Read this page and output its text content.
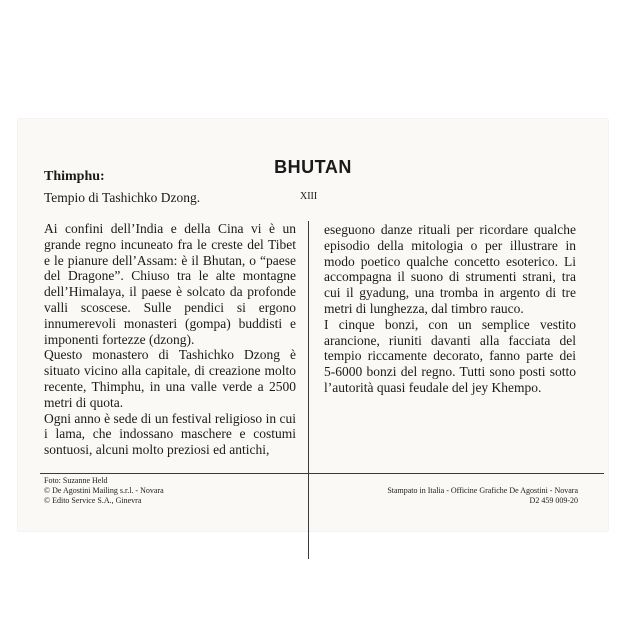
BHUTAN
Thimphu:
Tempio di Tashichko Dzong.	XIII

Ai confini dell’India e della Cina vi è un grande regno incuneato fra le creste del Tibet e le pianure dell’Assam: è il Bhutan, o “paese del Dragone”. Chiuso tra le alte montagne dell’Himalaya, il paese è solcato da profonde valli scoscese. Sulle pendici si ergono innumerevoli monasteri (gompa) buddisti e imponenti fortezze (dzong).

Questo monastero di Tashichko Dzong è situato vicino alla capitale, di creazione molto recente, Thimphu, in una valle verde a 2500 metri di quota.

Ogni anno è sede di un festival religioso in cui i lama, che indossano maschere e costumi sontuosi, alcuni molto preziosi ed antichi,

eseguono danze rituali per ricordare qualche episodio della mitologia o per illustrare in modo poetico qualche concetto esoterico. Li accompagna il suono di strumenti strani, tra cui il gyadung, una tromba in argento di tre metri di lunghezza, dal timbro rauco.

I cinque bonzi, con un semplice vestito arancione, riuniti davanti alla facciata del tempio riccamente decorato, fanno parte dei 5-6000 bonzi del regno. Tutti sono posti sotto l’autorità quasi feudale del jey Khempo.

Foto: Suzanne Held
© De Agostini Mailing s.r.l. - Novara
© Edito Service S.A., Ginevra
Stampato in Italia - Officine Grafiche De Agostini - Novara
D2 459 009-20
